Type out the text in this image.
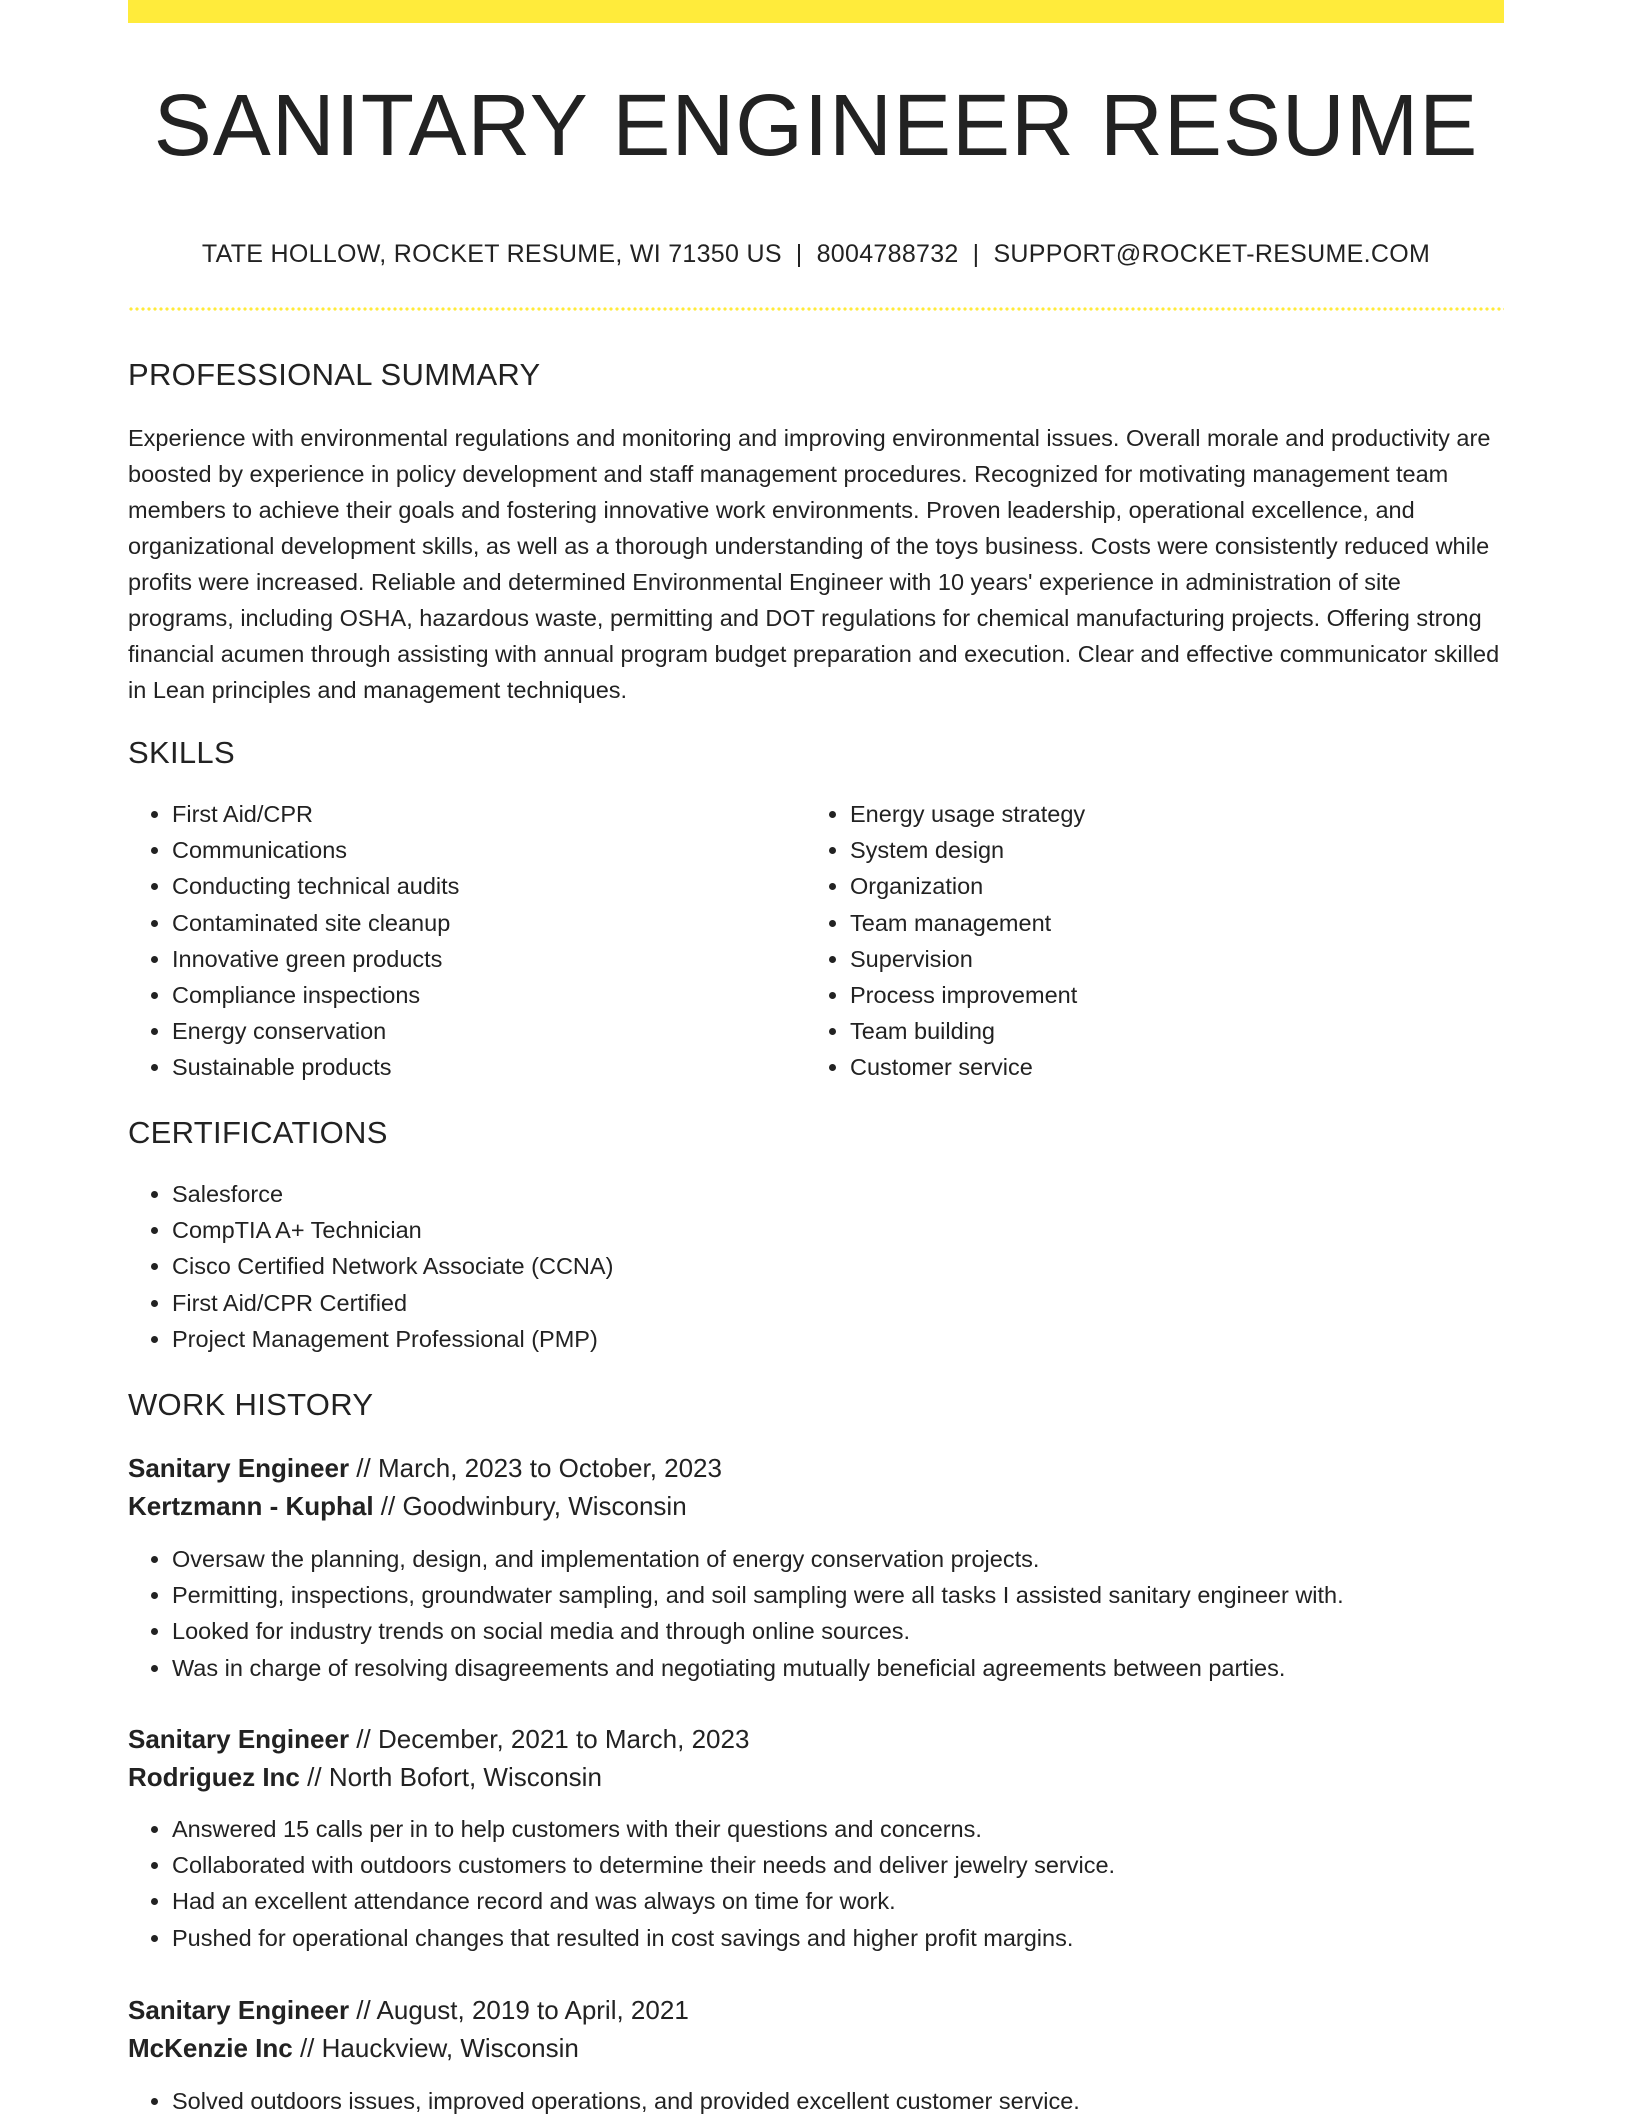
SANITARY ENGINEER RESUME
TATE HOLLOW, ROCKET RESUME, WI 71350 US | 8004788732 | SUPPORT@ROCKET-RESUME.COM
PROFESSIONAL SUMMARY

Experience with environmental regulations and monitoring and improving environmental issues. Overall morale and productivity are boosted by experience in policy development and staff management procedures. Recognized for motivating management team members to achieve their goals and fostering innovative work environments. Proven leadership, operational excellence, and organizational development skills, as well as a thorough understanding of the toys business. Costs were consistently reduced while profits were increased. Reliable and determined Environmental Engineer with 10 years' experience in administration of site programs, including OSHA, hazardous waste, permitting and DOT regulations for chemical manufacturing projects. Offering strong financial acumen through assisting with annual program budget preparation and execution. Clear and effective communicator skilled in Lean principles and management techniques.

SKILLS
• First Aid/CPR
• Communications
• Conducting technical audits
• Contaminated site cleanup
• Innovative green products
• Compliance inspections
• Energy conservation
• Sustainable products
• Energy usage strategy
• System design
• Organization
• Team management
• Supervision
• Process improvement
• Team building
• Customer service
CERTIFICATIONS
• Salesforce
• CompTIA A+ Technician
• Cisco Certified Network Associate (CCNA)
• First Aid/CPR Certified
• Project Management Professional (PMP)
WORK HISTORY
Sanitary Engineer // March, 2023 to October, 2023
Kertzmann - Kuphal // Goodwinbury, Wisconsin
• Oversaw the planning, design, and implementation of energy conservation projects.
• Permitting, inspections, groundwater sampling, and soil sampling were all tasks I assisted sanitary engineer with.
• Looked for industry trends on social media and through online sources.
• Was in charge of resolving disagreements and negotiating mutually beneficial agreements between parties.
Sanitary Engineer // December, 2021 to March, 2023
Rodriguez Inc // North Bofort, Wisconsin
• Answered 15 calls per in to help customers with their questions and concerns.
• Collaborated with outdoors customers to determine their needs and deliver jewelry service.
• Had an excellent attendance record and was always on time for work.
• Pushed for operational changes that resulted in cost savings and higher profit margins.
Sanitary Engineer // August, 2019 to April, 2021
McKenzie Inc // Hauckview, Wisconsin
• Solved outdoors issues, improved operations, and provided excellent customer service.
